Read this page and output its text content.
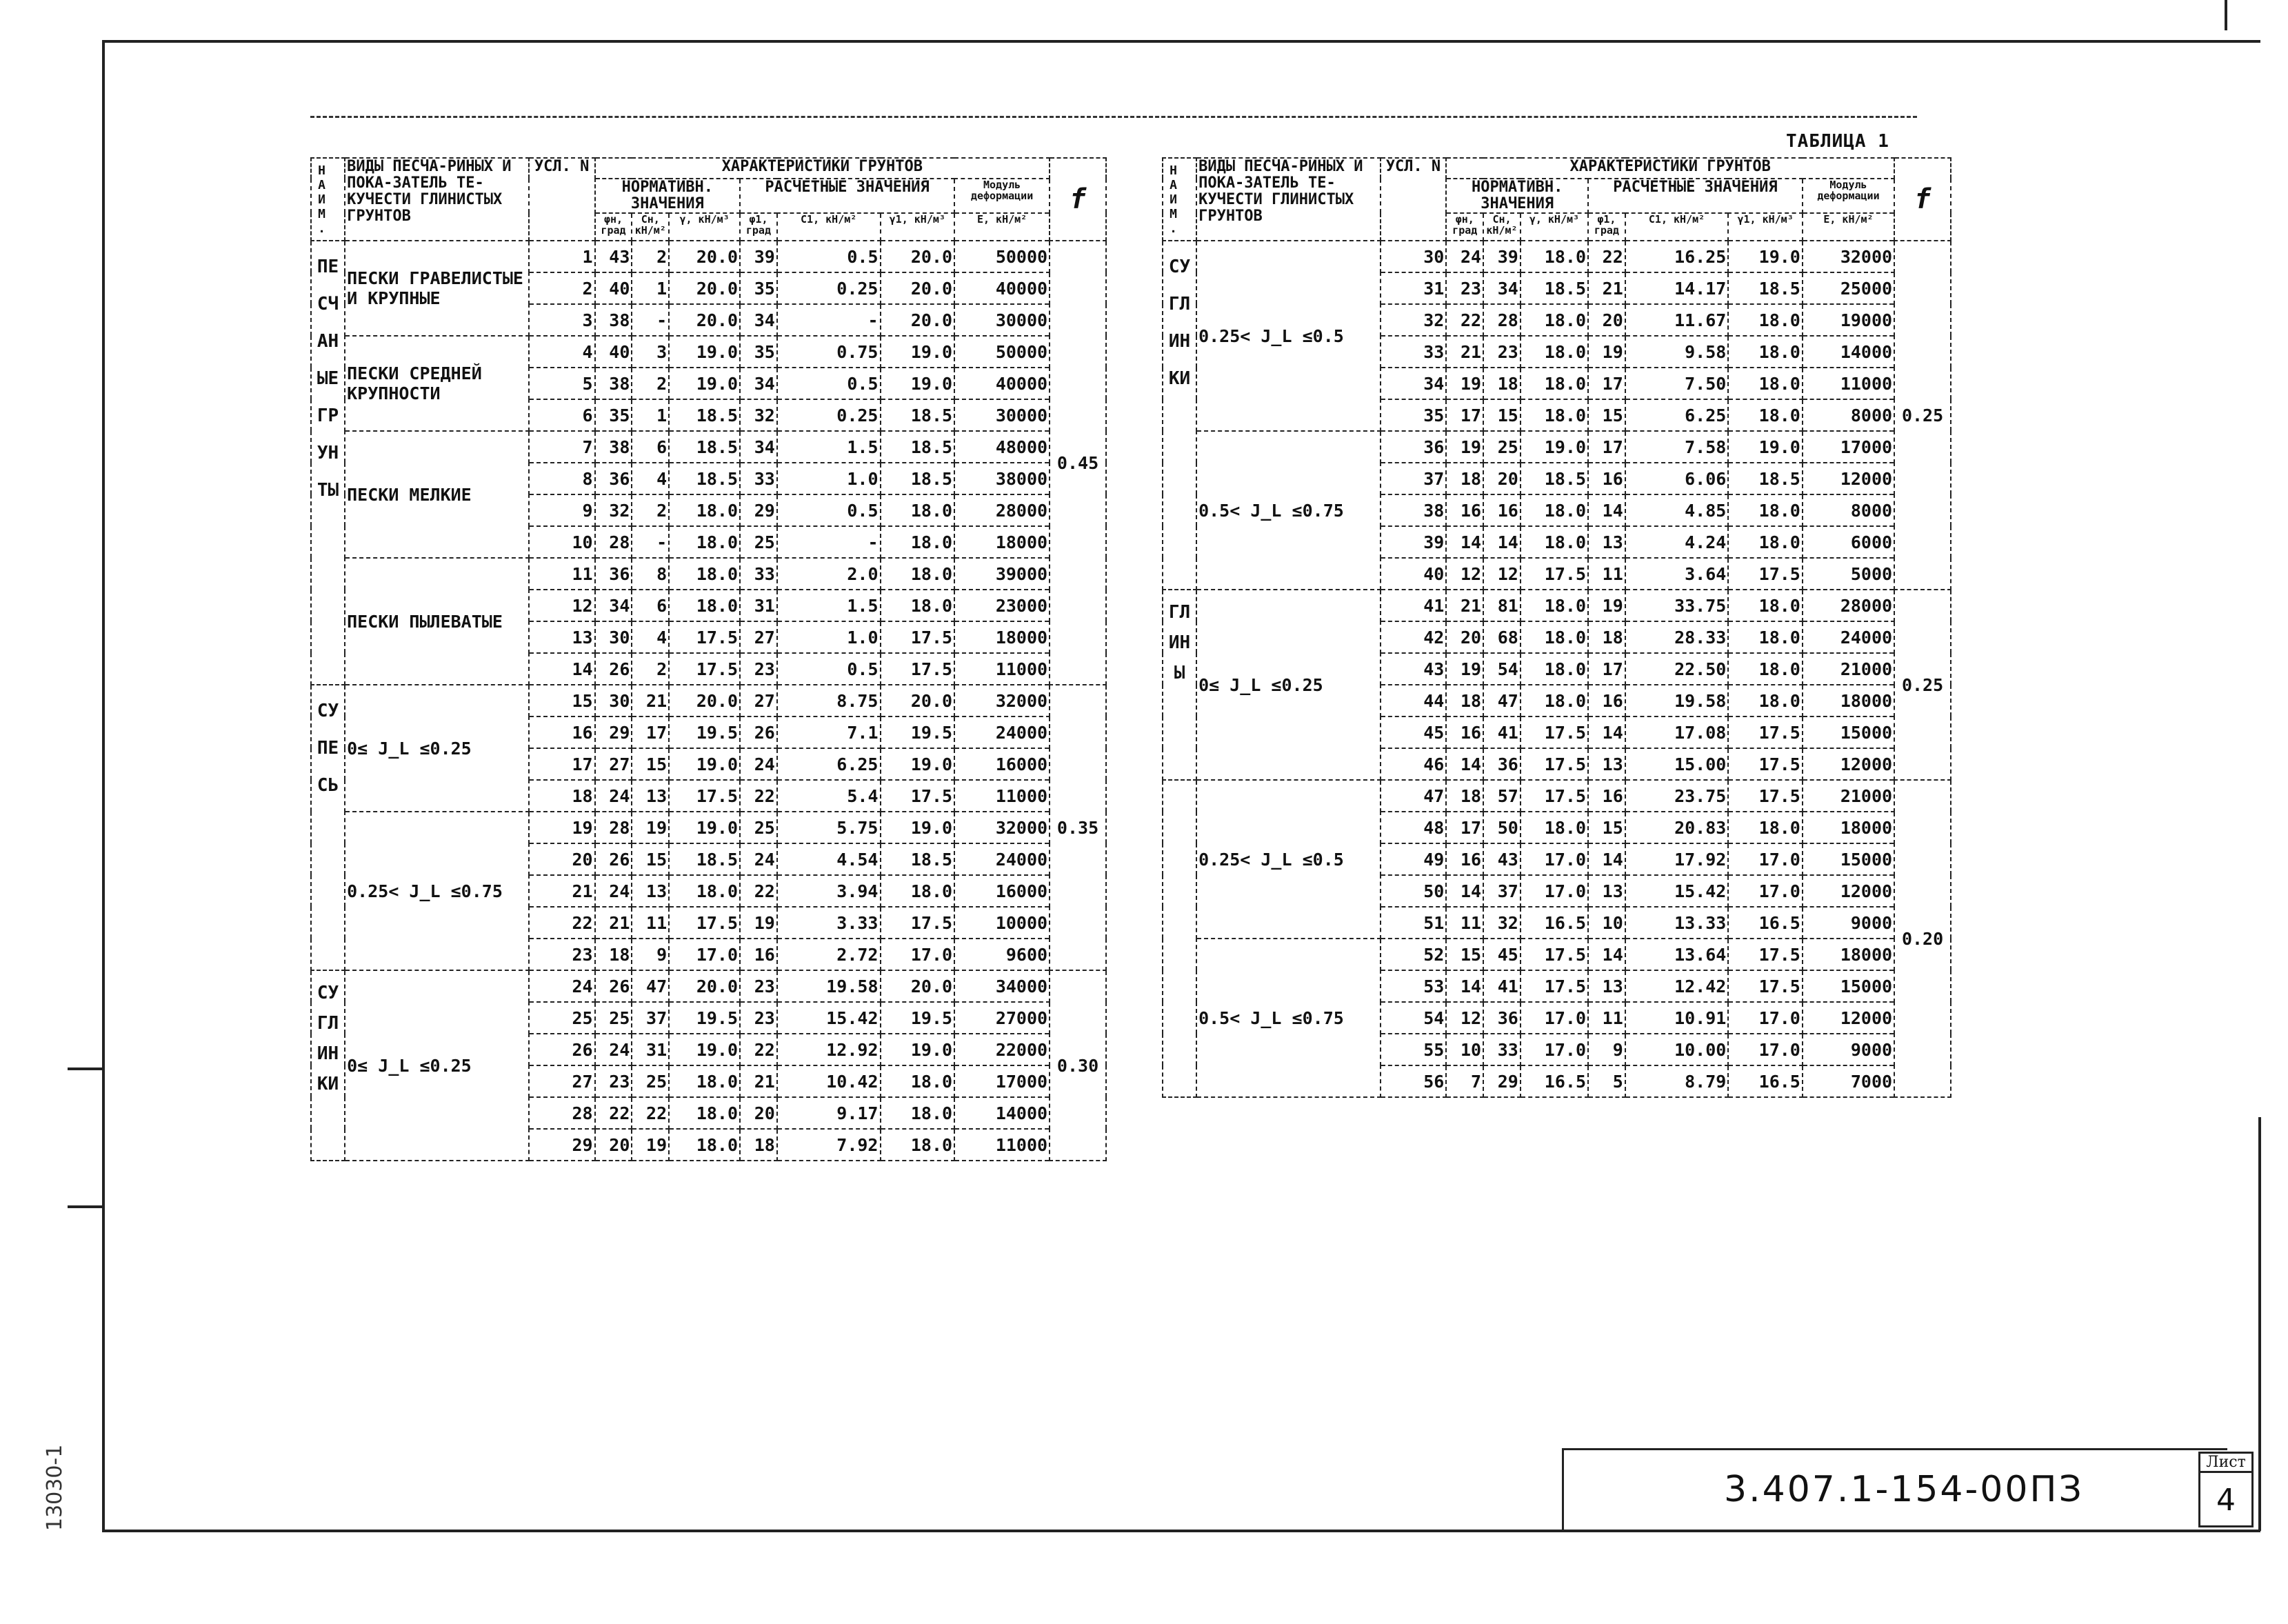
ТАБЛИЦА 1
НАИМ.	ВИДЫ ПЕСЧА-РИНЫХ И ПОКА-ЗАТЕЛЬ ТЕ-КУЧЕСТИ ГЛИНИСТЫХ ГРУНТОВ	УСЛ. N	ХАРАКТЕРИСТИКИ ГРУНТОВ							f
			НОРМАТИВН. ЗНАЧЕНИЯ			РАСЧЕТНЫЕ ЗНАЧЕНИЯ			Модуль деформации	
			φн, град	Cн, кН/м²	γ, кН/м³	φ1, град	C1, кН/м²	γ1, кН/м³	Е, кН/м²	
ПЕСЧАНЫЕ ГРУНТЫ	ПЕСКИ ГРАВЕЛИСТЫЕ И КРУПНЫЕ	1	43	2	20.0	39	0.5	20.0	50000	0.45
		2	40	1	20.0	35	0.25	20.0	40000	
		3	38	-	20.0	34	-	20.0	30000	
	ПЕСКИ СРЕДНЕЙ КРУПНОСТИ	4	40	3	19.0	35	0.75	19.0	50000	
		5	38	2	19.0	34	0.5	19.0	40000	
		6	35	1	18.5	32	0.25	18.5	30000	
	ПЕСКИ МЕЛКИЕ	7	38	6	18.5	34	1.5	18.5	48000	
		8	36	4	18.5	33	1.0	18.5	38000	
		9	32	2	18.0	29	0.5	18.0	28000	
		10	28	-	18.0	25	-	18.0	18000	
	ПЕСКИ ПЫЛЕВАТЫЕ	11	36	8	18.0	33	2.0	18.0	39000	
		12	34	6	18.0	31	1.5	18.0	23000	
		13	30	4	17.5	27	1.0	17.5	18000	
		14	26	2	17.5	23	0.5	17.5	11000	
СУПЕСЬ	0≤ J_L ≤0.25	15	30	21	20.0	27	8.75	20.0	32000	0.35
		16	29	17	19.5	26	7.1	19.5	24000	
		17	27	15	19.0	24	6.25	19.0	16000	
		18	24	13	17.5	22	5.4	17.5	11000	
	0.25< J_L ≤0.75	19	28	19	19.0	25	5.75	19.0	32000	
		20	26	15	18.5	24	4.54	18.5	24000	
		21	24	13	18.0	22	3.94	18.0	16000	
		22	21	11	17.5	19	3.33	17.5	10000	
		23	18	9	17.0	16	2.72	17.0	9600	
СУГЛИНКИ	0≤ J_L ≤0.25	24	26	47	20.0	23	19.58	20.0	34000	0.30
		25	25	37	19.5	23	15.42	19.5	27000	
		26	24	31	19.0	22	12.92	19.0	22000	
		27	23	25	18.0	21	10.42	18.0	17000	
		28	22	22	18.0	20	9.17	18.0	14000	
		29	20	19	18.0	18	7.92	18.0	11000	
НАИМ.	ВИДЫ ПЕСЧА-РИНЫХ И ПОКА-ЗАТЕЛЬ ТЕ-КУЧЕСТИ ГЛИНИСТЫХ ГРУНТОВ	УСЛ. N	ХАРАКТЕРИСТИКИ ГРУНТОВ							f
			НОРМАТИВН. ЗНАЧЕНИЯ			РАСЧЕТНЫЕ ЗНАЧЕНИЯ			Модуль деформации	
			φн, град	Cн, кН/м²	γ, кН/м³	φ1, град	C1, кН/м²	γ1, кН/м³	Е, кН/м²	
СУГЛИНКИ	0.25< J_L ≤0.5	30	24	39	18.0	22	16.25	19.0	32000	0.25
		31	23	34	18.5	21	14.17	18.5	25000	
		32	22	28	18.0	20	11.67	18.0	19000	
		33	21	23	18.0	19	9.58	18.0	14000	
		34	19	18	18.0	17	7.50	18.0	11000	
		35	17	15	18.0	15	6.25	18.0	8000	
	0.5< J_L ≤0.75	36	19	25	19.0	17	7.58	19.0	17000	
		37	18	20	18.5	16	6.06	18.5	12000	
		38	16	16	18.0	14	4.85	18.0	8000	
		39	14	14	18.0	13	4.24	18.0	6000	
		40	12	12	17.5	11	3.64	17.5	5000	
ГЛИНЫ	0≤ J_L ≤0.25	41	21	81	18.0	19	33.75	18.0	28000	0.25
		42	20	68	18.0	18	28.33	18.0	24000	
		43	19	54	18.0	17	22.50	18.0	21000	
		44	18	47	18.0	16	19.58	18.0	18000	
		45	16	41	17.5	14	17.08	17.5	15000	
		46	14	36	17.5	13	15.00	17.5	12000	
	0.25< J_L ≤0.5	47	18	57	17.5	16	23.75	17.5	21000	0.20
		48	17	50	18.0	15	20.83	18.0	18000	
		49	16	43	17.0	14	17.92	17.0	15000	
		50	14	37	17.0	13	15.42	17.0	12000	
		51	11	32	16.5	10	13.33	16.5	9000	
	0.5< J_L ≤0.75	52	15	45	17.5	14	13.64	17.5	18000	
		53	14	41	17.5	13	12.42	17.5	15000	
		54	12	36	17.0	11	10.91	17.0	12000	
		55	10	33	17.0	9	10.00	17.0	9000	
		56	7	29	16.5	5	8.79	16.5	7000	
3.407.1-154-00ПЗ
Лист
4
13030-1
